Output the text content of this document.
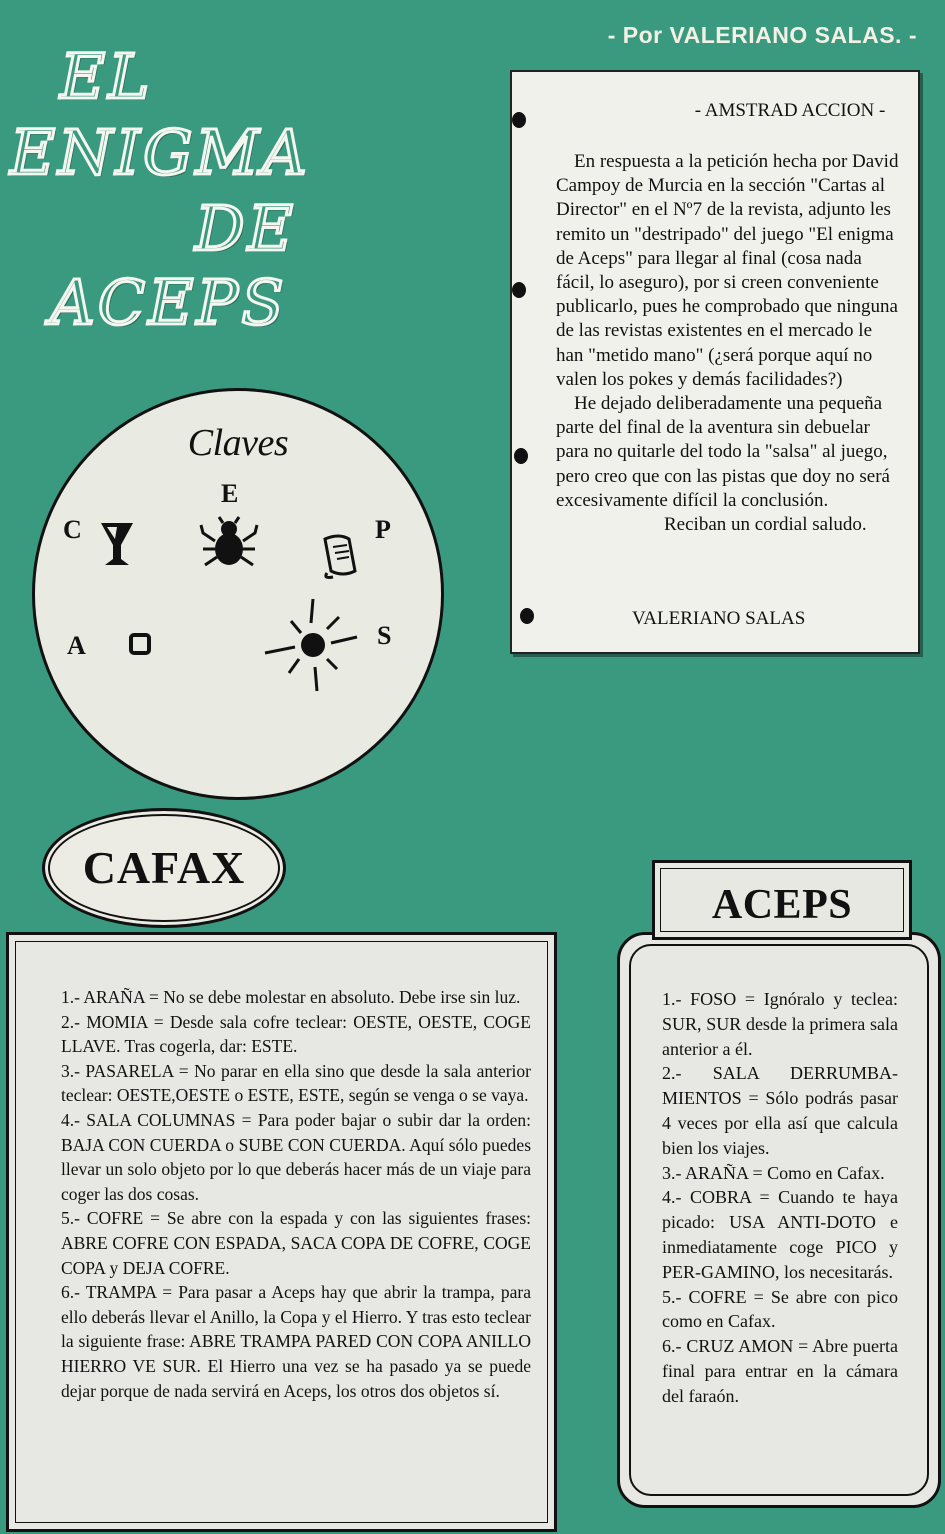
- Por VALERIANO SALAS. -
EL
ENIGMA
DE
ACEPS
- AMSTRAD ACCION -

En respuesta a la petición hecha por David Campoy de Murcia en la sección "Cartas al Director" en el Nº7 de la revista, adjunto les remito un "destripado" del juego "El enigma de Aceps" para llegar al final (cosa nada fácil, lo aseguro), por si creen conveniente publicarlo, pues he comprobado que ninguna de las revistas existentes en el mercado le han "metido mano" (¿será porque aquí no valen los pokes y demás facilidades?)

He dejado deliberadamente una pequeña parte del final de la aventura sin debuelar para no quitarle del todo la "salsa" al juego, pero creo que con las pistas que doy no será excesivamente difícil la conclusión.

Reciban un cordial saludo.

VALERIANO SALAS
Claves
C
E
P
A	S
CAFAX
1.- ARAÑA = No se debe molestar en absoluto. Debe irse sin luz.
2.- MOMIA = Desde sala cofre teclear: OESTE, OESTE, COGE LLAVE. Tras cogerla, dar: ESTE.
3.- PASARELA = No parar en ella sino que desde la sala anterior teclear: OESTE,OESTE o ESTE, ESTE, según se venga o se vaya.
4.- SALA COLUMNAS = Para poder bajar o subir dar la orden: BAJA CON CUERDA o SUBE CON CUERDA. Aquí sólo puedes llevar un solo objeto por lo que deberás hacer más de un viaje para coger las dos cosas.
5.- COFRE = Se abre con la espada y con las siguientes frases: ABRE COFRE CON ESPADA, SACA COPA DE COFRE, COGE COPA y DEJA COFRE.
6.- TRAMPA = Para pasar a Aceps hay que abrir la trampa, para ello deberás llevar el Anillo, la Copa y el Hierro. Y tras esto teclear la siguiente frase: ABRE TRAMPA PARED CON COPA ANILLO HIERRO VE SUR. El Hierro una vez se ha pasado ya se puede dejar porque de nada servirá en Aceps, los otros dos objetos sí.
1.- FOSO = Ignóralo y teclea: SUR, SUR desde la primera sala anterior a él.
2.- SALA DERRUMBA-MIENTOS = Sólo podrás pasar 4 veces por ella así que calcula bien los viajes.
3.- ARAÑA = Como en Cafax.
4.- COBRA = Cuando te haya picado: USA ANTI-DOTO e inmediatamente coge PICO y PER-GAMINO, los necesitarás.
5.- COFRE = Se abre con pico como en Cafax.
6.- CRUZ AMON = Abre puerta final para entrar en la cámara del faraón.
ACEPS
